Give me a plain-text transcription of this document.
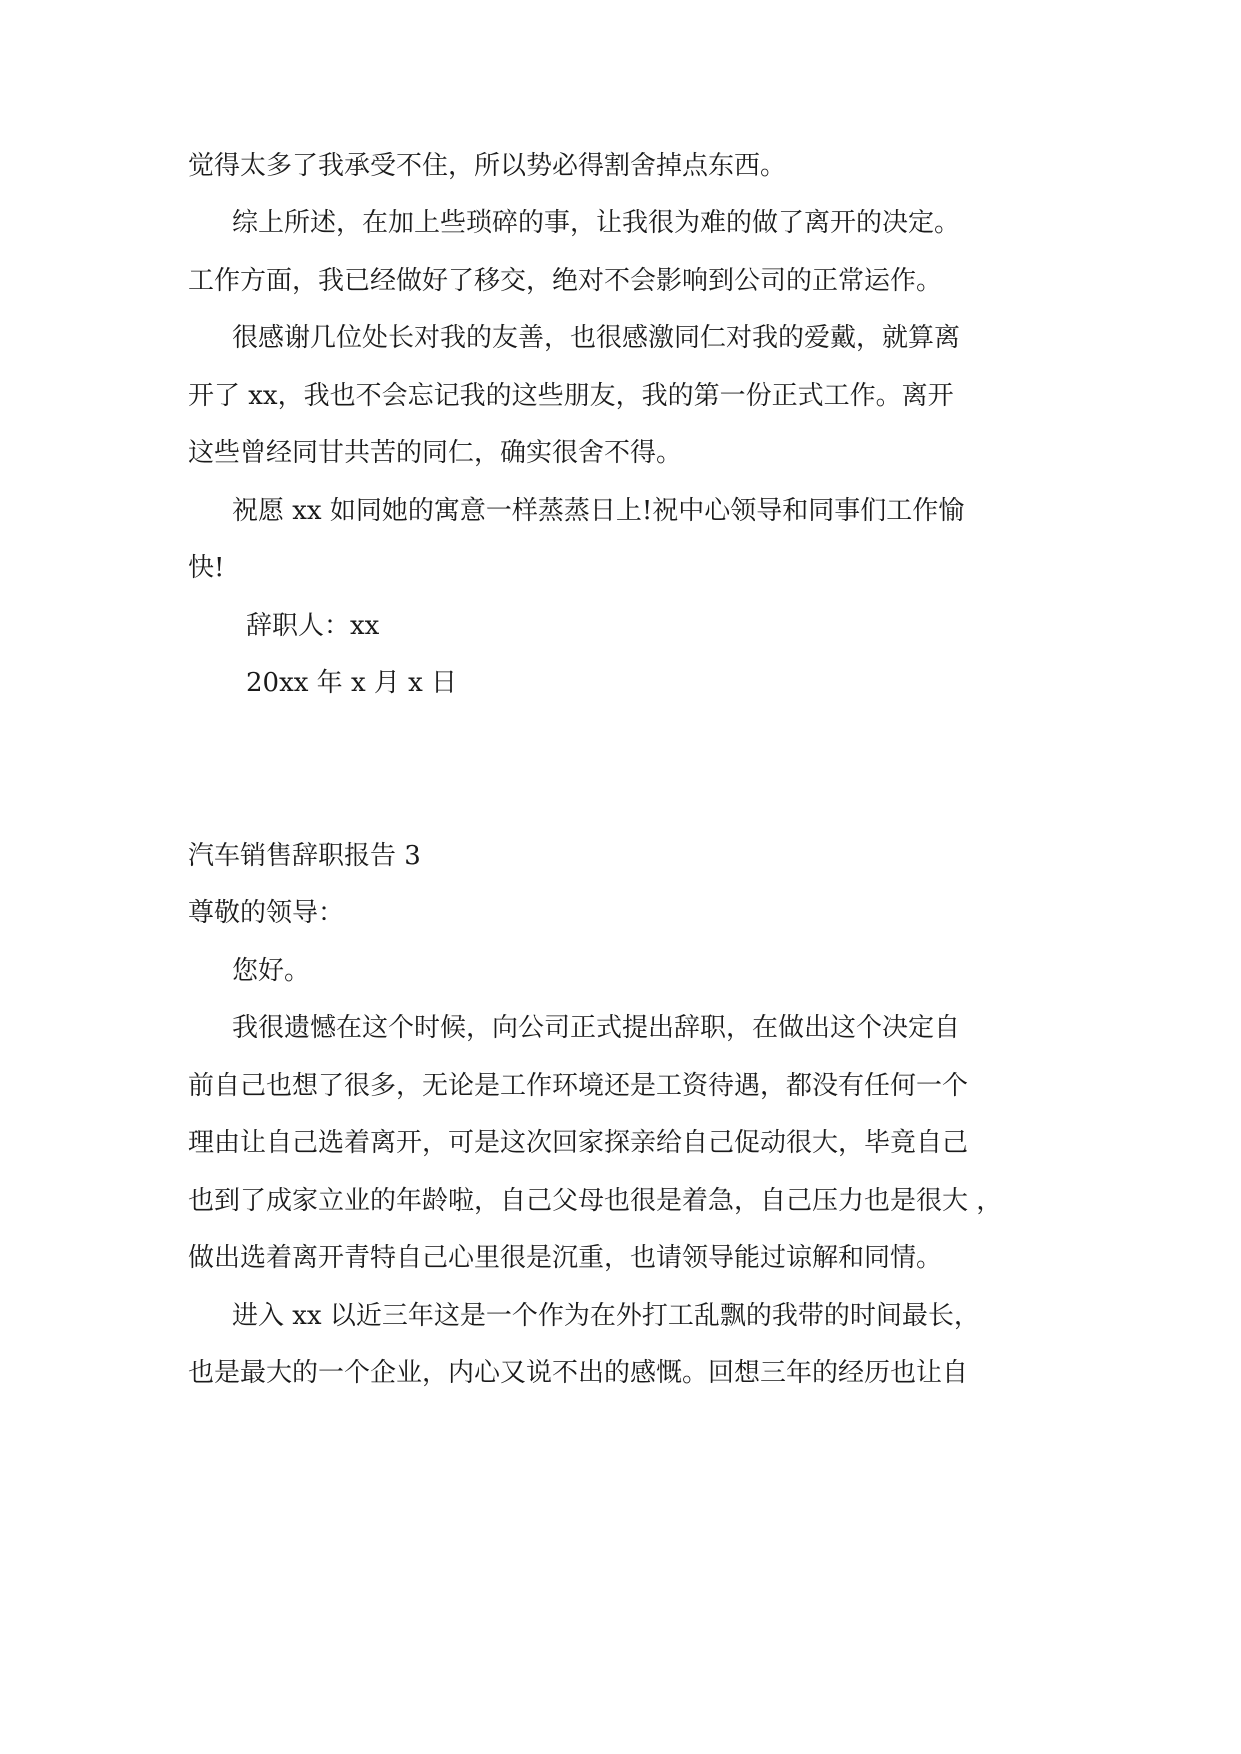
觉得太多了我承受不住，所以势必得割舍掉点东西。

综上所述，在加上些琐碎的事，让我很为难的做了离开的决定。

工作方面，我已经做好了移交，绝对不会影响到公司的正常运作。

很感谢几位处长对我的友善，也很感激同仁对我的爱戴，就算离

开了 xx，我也不会忘记我的这些朋友，我的第一份正式工作。离开

这些曾经同甘共苦的同仁，确实很舍不得。

祝愿 xx 如同她的寓意一样蒸蒸日上!祝中心领导和同事们工作愉

快!

辞职人：xx

20xx 年 x 月 x 日

汽车销售辞职报告 3

尊敬的领导：

您好。

我很遗憾在这个时候，向公司正式提出辞职，在做出这个决定自

前自己也想了很多，无论是工作环境还是工资待遇，都没有任何一个

理由让自己选着离开，可是这次回家探亲给自己促动很大，毕竟自己

也到了成家立业的年龄啦，自己父母也很是着急，自己压力也是很大 ，

做出选着离开青特自己心里很是沉重，也请领导能过谅解和同情。

进入 xx 以近三年这是一个作为在外打工乱飘的我带的时间最长，

也是最大的一个企业，内心又说不出的感慨。回想三年的经历也让自
